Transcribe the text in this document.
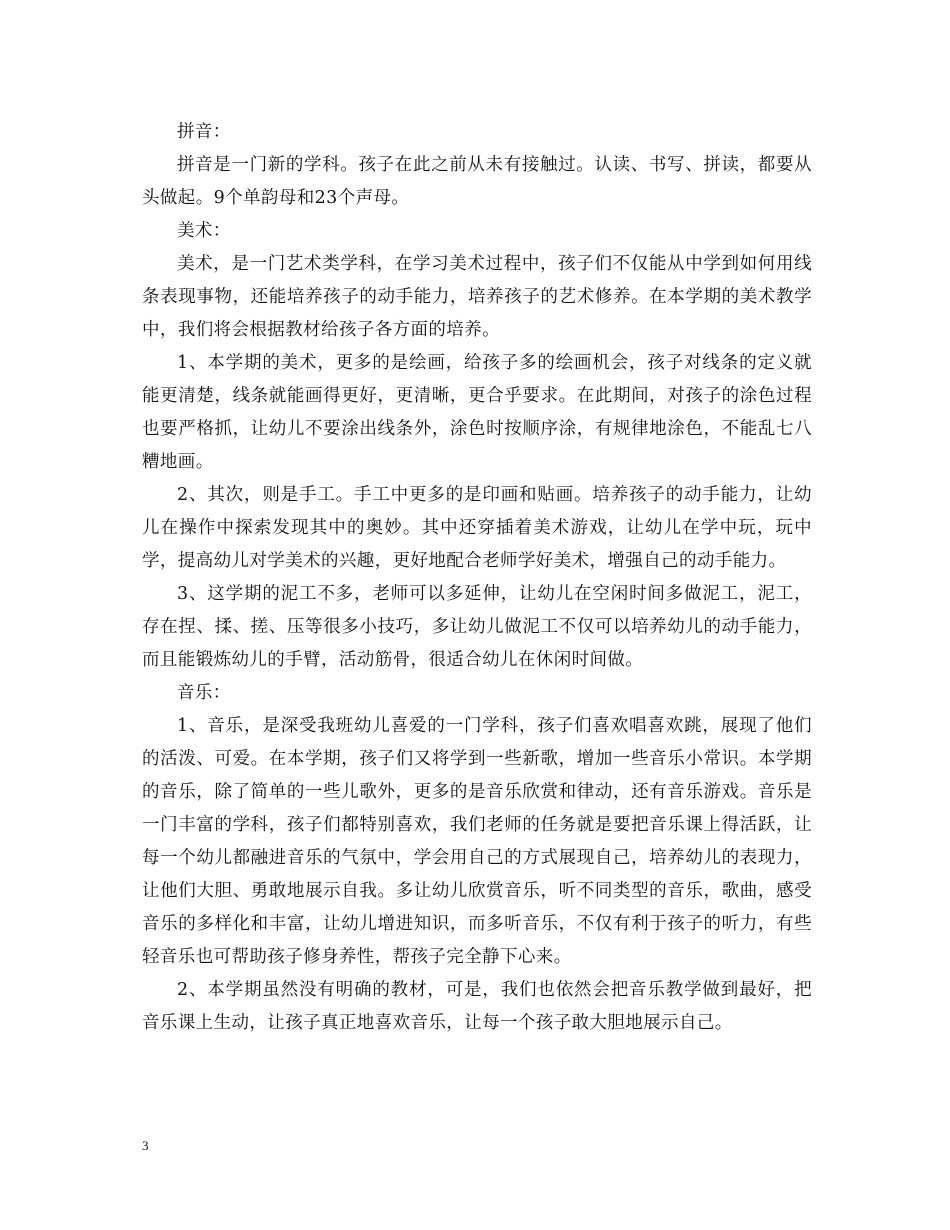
拼音：

拼音是一门新的学科。孩子在此之前从未有接触过。认读、书写、拼读，都要从头做起。9个单韵母和23个声母。

美术：

美术，是一门艺术类学科，在学习美术过程中，孩子们不仅能从中学到如何用线条表现事物，还能培养孩子的动手能力，培养孩子的艺术修养。在本学期的美术教学中，我们将会根据教材给孩子各方面的培养。

1、本学期的美术，更多的是绘画，给孩子多的绘画机会，孩子对线条的定义就能更清楚，线条就能画得更好，更清晰，更合乎要求。在此期间，对孩子的涂色过程也要严格抓，让幼儿不要涂出线条外，涂色时按顺序涂，有规律地涂色，不能乱七八糟地画。

2、其次，则是手工。手工中更多的是印画和贴画。培养孩子的动手能力，让幼儿在操作中探索发现其中的奥妙。其中还穿插着美术游戏，让幼儿在学中玩，玩中学，提高幼儿对学美术的兴趣，更好地配合老师学好美术，增强自己的动手能力。

3、这学期的泥工不多，老师可以多延伸，让幼儿在空闲时间多做泥工，泥工，存在捏、揉、搓、压等很多小技巧，多让幼儿做泥工不仅可以培养幼儿的动手能力，而且能锻炼幼儿的手臂，活动筋骨，很适合幼儿在休闲时间做。

音乐：

1、音乐，是深受我班幼儿喜爱的一门学科，孩子们喜欢唱喜欢跳，展现了他们的活泼、可爱。在本学期，孩子们又将学到一些新歌，增加一些音乐小常识。本学期的音乐，除了简单的一些儿歌外，更多的是音乐欣赏和律动，还有音乐游戏。音乐是一门丰富的学科，孩子们都特别喜欢，我们老师的任务就是要把音乐课上得活跃，让每一个幼儿都融进音乐的气氛中，学会用自己的方式展现自己，培养幼儿的表现力，让他们大胆、勇敢地展示自我。多让幼儿欣赏音乐，听不同类型的音乐，歌曲，感受音乐的多样化和丰富，让幼儿增进知识，而多听音乐，不仅有利于孩子的听力，有些轻音乐也可帮助孩子修身养性，帮孩子完全静下心来。

2、本学期虽然没有明确的教材，可是，我们也依然会把音乐教学做到最好，把音乐课上生动，让孩子真正地喜欢音乐，让每一个孩子敢大胆地展示自己。

3
